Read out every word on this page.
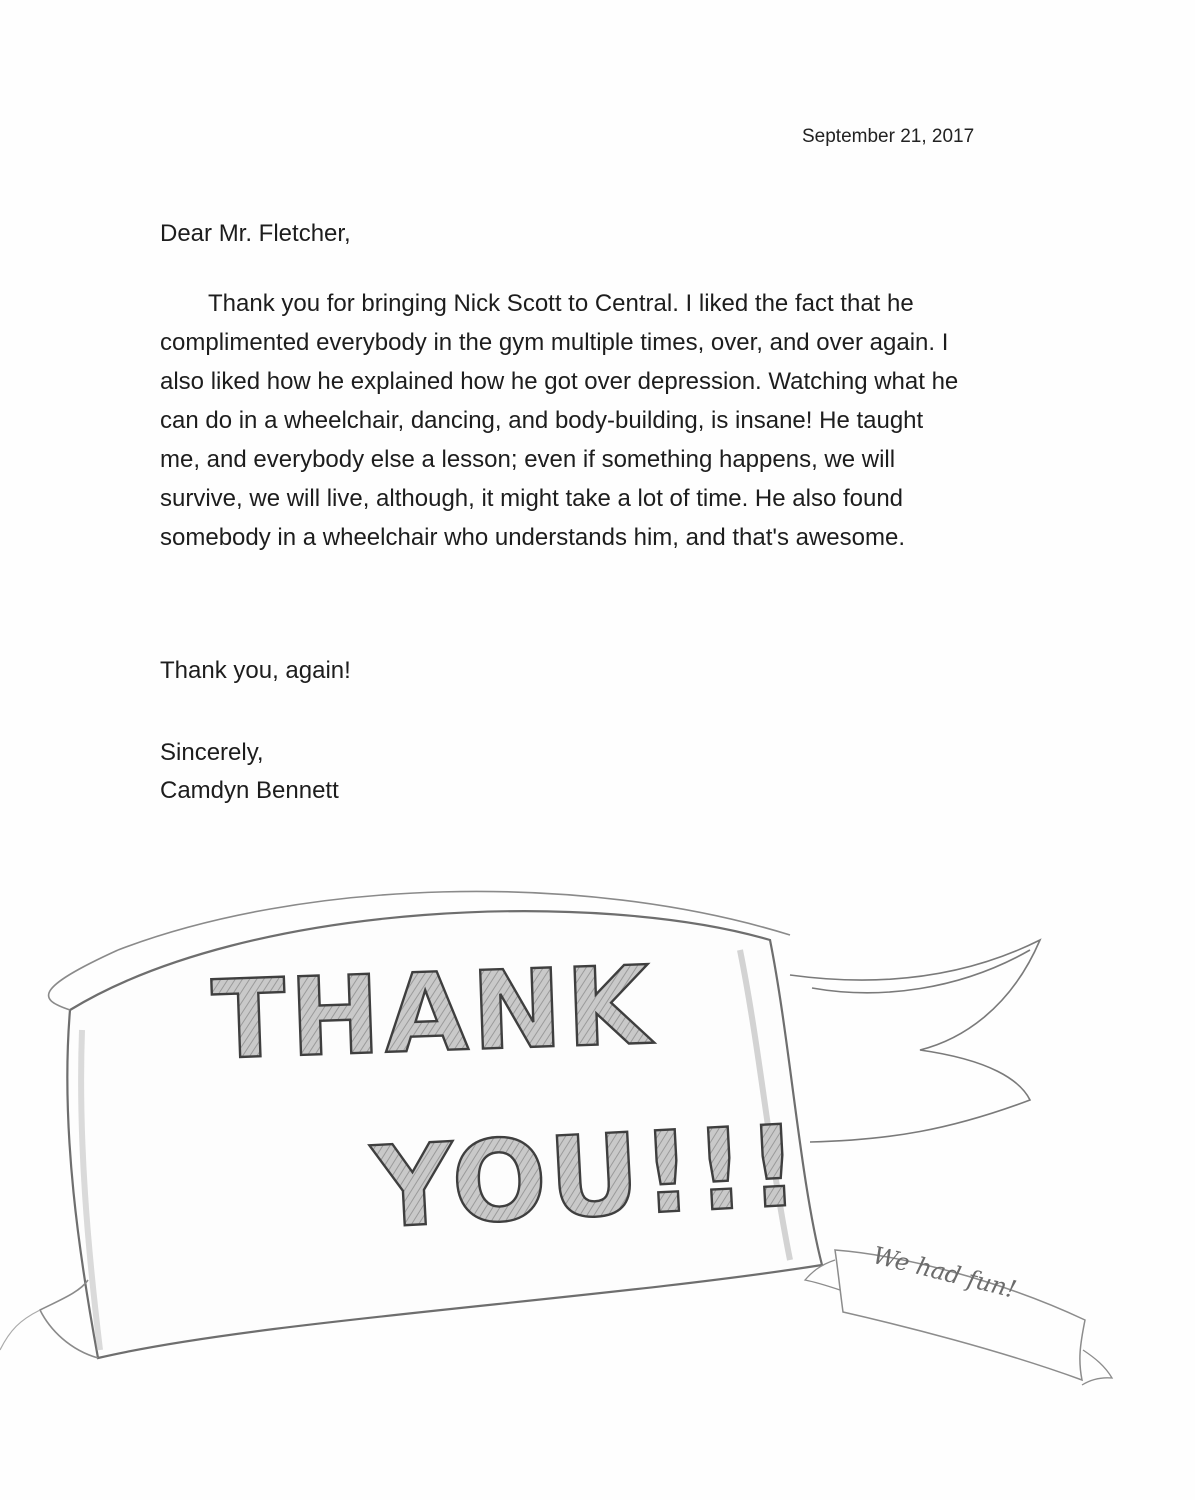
September 21, 2017
Dear Mr. Fletcher,
Thank you for bringing Nick Scott to Central. I liked the fact that he
complimented everybody in the gym multiple times, over, and over again. I
also liked how he explained how he got over depression. Watching what he
can do in a wheelchair, dancing, and body-building, is insane! He taught
me, and everybody else a lesson; even if something happens, we will
survive, we will live, although, it might take a lot of time. He also found
somebody in a wheelchair who understands him, and that's awesome.
Thank you, again!
Sincerely,
Camdyn Bennett
THANK
YOU!!!
We had fun!
